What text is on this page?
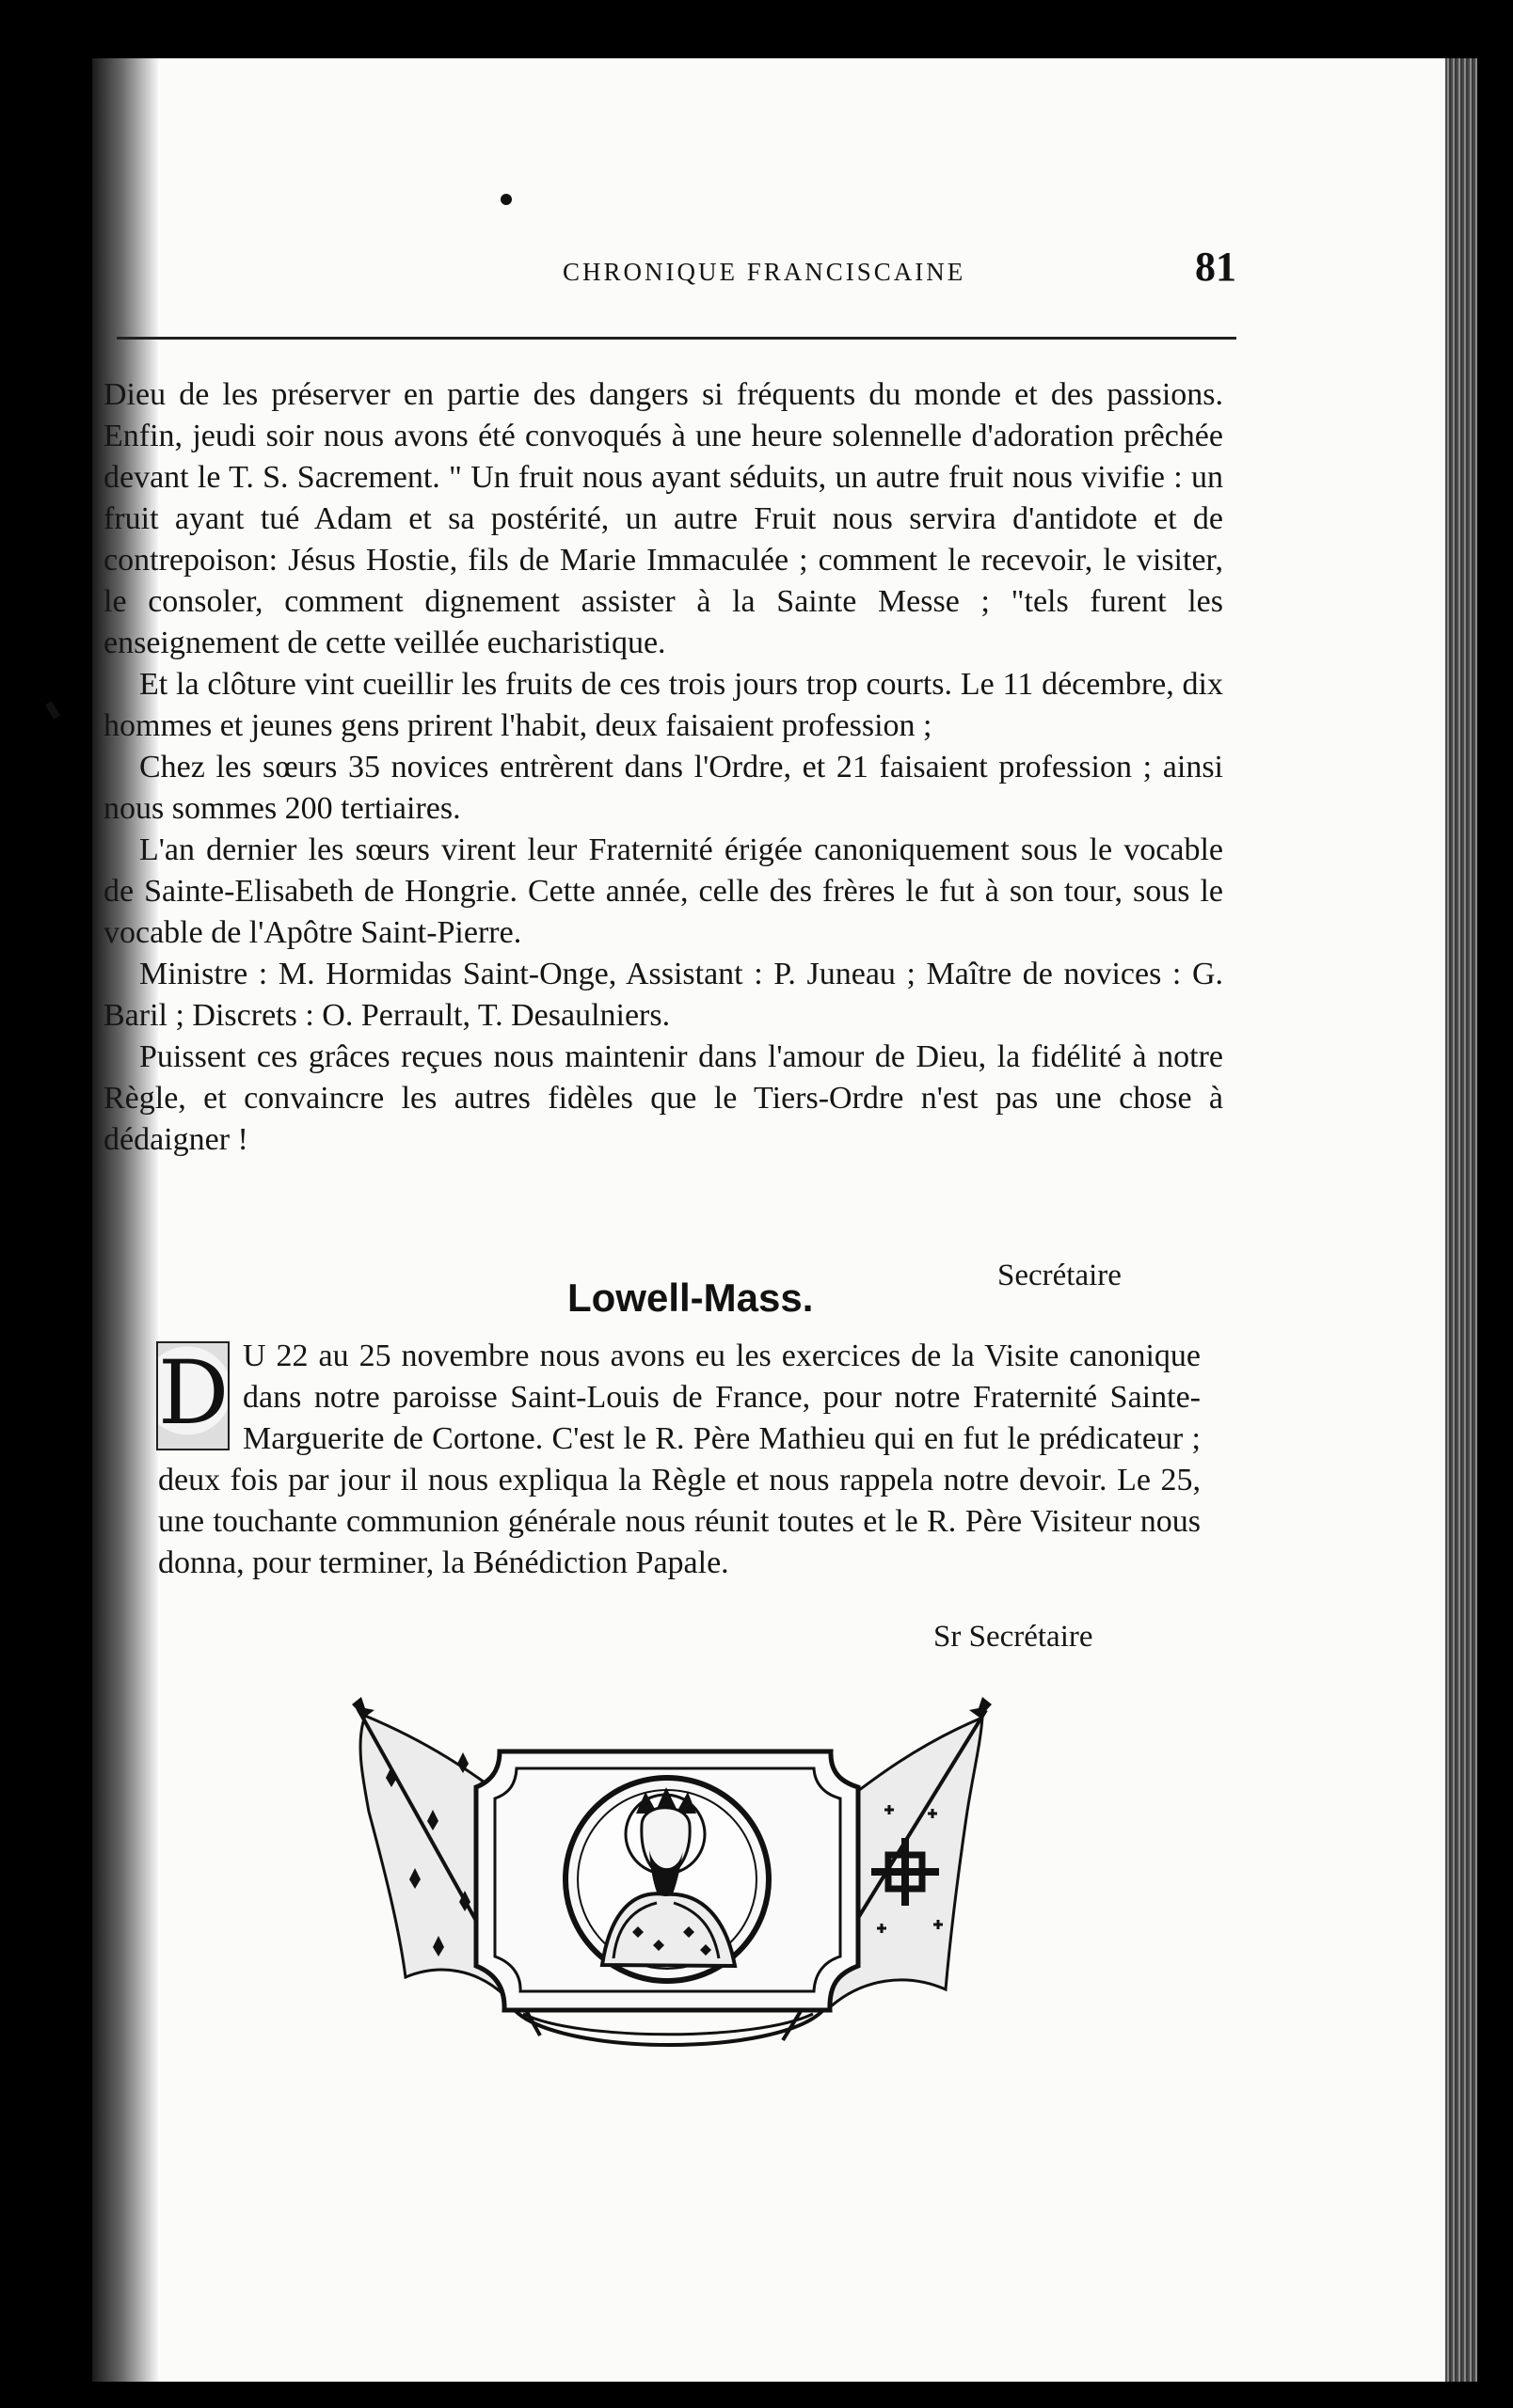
CHRONIQUE FRANCISCAINE	81

Dieu de les préserver en partie des dangers si fréquents du monde et des passions. Enfin, jeudi soir nous avons été convoqués à une heure solennelle d'adoration prêchée devant le T. S. Sacrement. " Un fruit nous ayant séduits, un autre fruit nous vivifie : un fruit ayant tué Adam et sa postérité, un autre Fruit nous servira d'antidote et de contrepoison: Jésus Hostie, fils de Marie Immaculée ; comment le recevoir, le visiter, le consoler, comment dignement assister à la Sainte Messe ; "tels furent les enseignement de cette veillée eucharistique.

Et la clôture vint cueillir les fruits de ces trois jours trop courts. Le 11 décembre, dix hommes et jeunes gens prirent l'habit, deux faisaient profession ;

Chez les sœurs 35 novices entrèrent dans l'Ordre, et 21 faisaient profession ; ainsi nous sommes 200 tertiaires.

L'an dernier les sœurs virent leur Fraternité érigée canoniquement sous le vocable de Sainte-Elisabeth de Hongrie. Cette année, celle des frères le fut à son tour, sous le vocable de l'Apôtre Saint-Pierre.

Ministre : M. Hormidas Saint-Onge, Assistant : P. Juneau ; Maître de novices : G. Baril ; Discrets : O. Perrault, T. Desaulniers.

Puissent ces grâces reçues nous maintenir dans l'amour de Dieu, la fidélité à notre Règle, et convaincre les autres fidèles que le Tiers-Ordre n'est pas une chose à dédaigner !

Secrétaire
Lowell-Mass.
D U 22 au 25 novembre nous avons eu les exercices de la Visite canonique dans notre paroisse Saint-Louis de France, pour notre Fraternité Sainte-Marguerite de Cortone. C'est le R. Père Mathieu qui en fut le prédicateur ; deux fois par jour il nous expliqua la Règle et nous rappela notre devoir. Le 25, une touchante communion générale nous réunit toutes et le R. Père Visiteur nous donna, pour terminer, la Bénédiction Papale.
Sr Secrétaire
